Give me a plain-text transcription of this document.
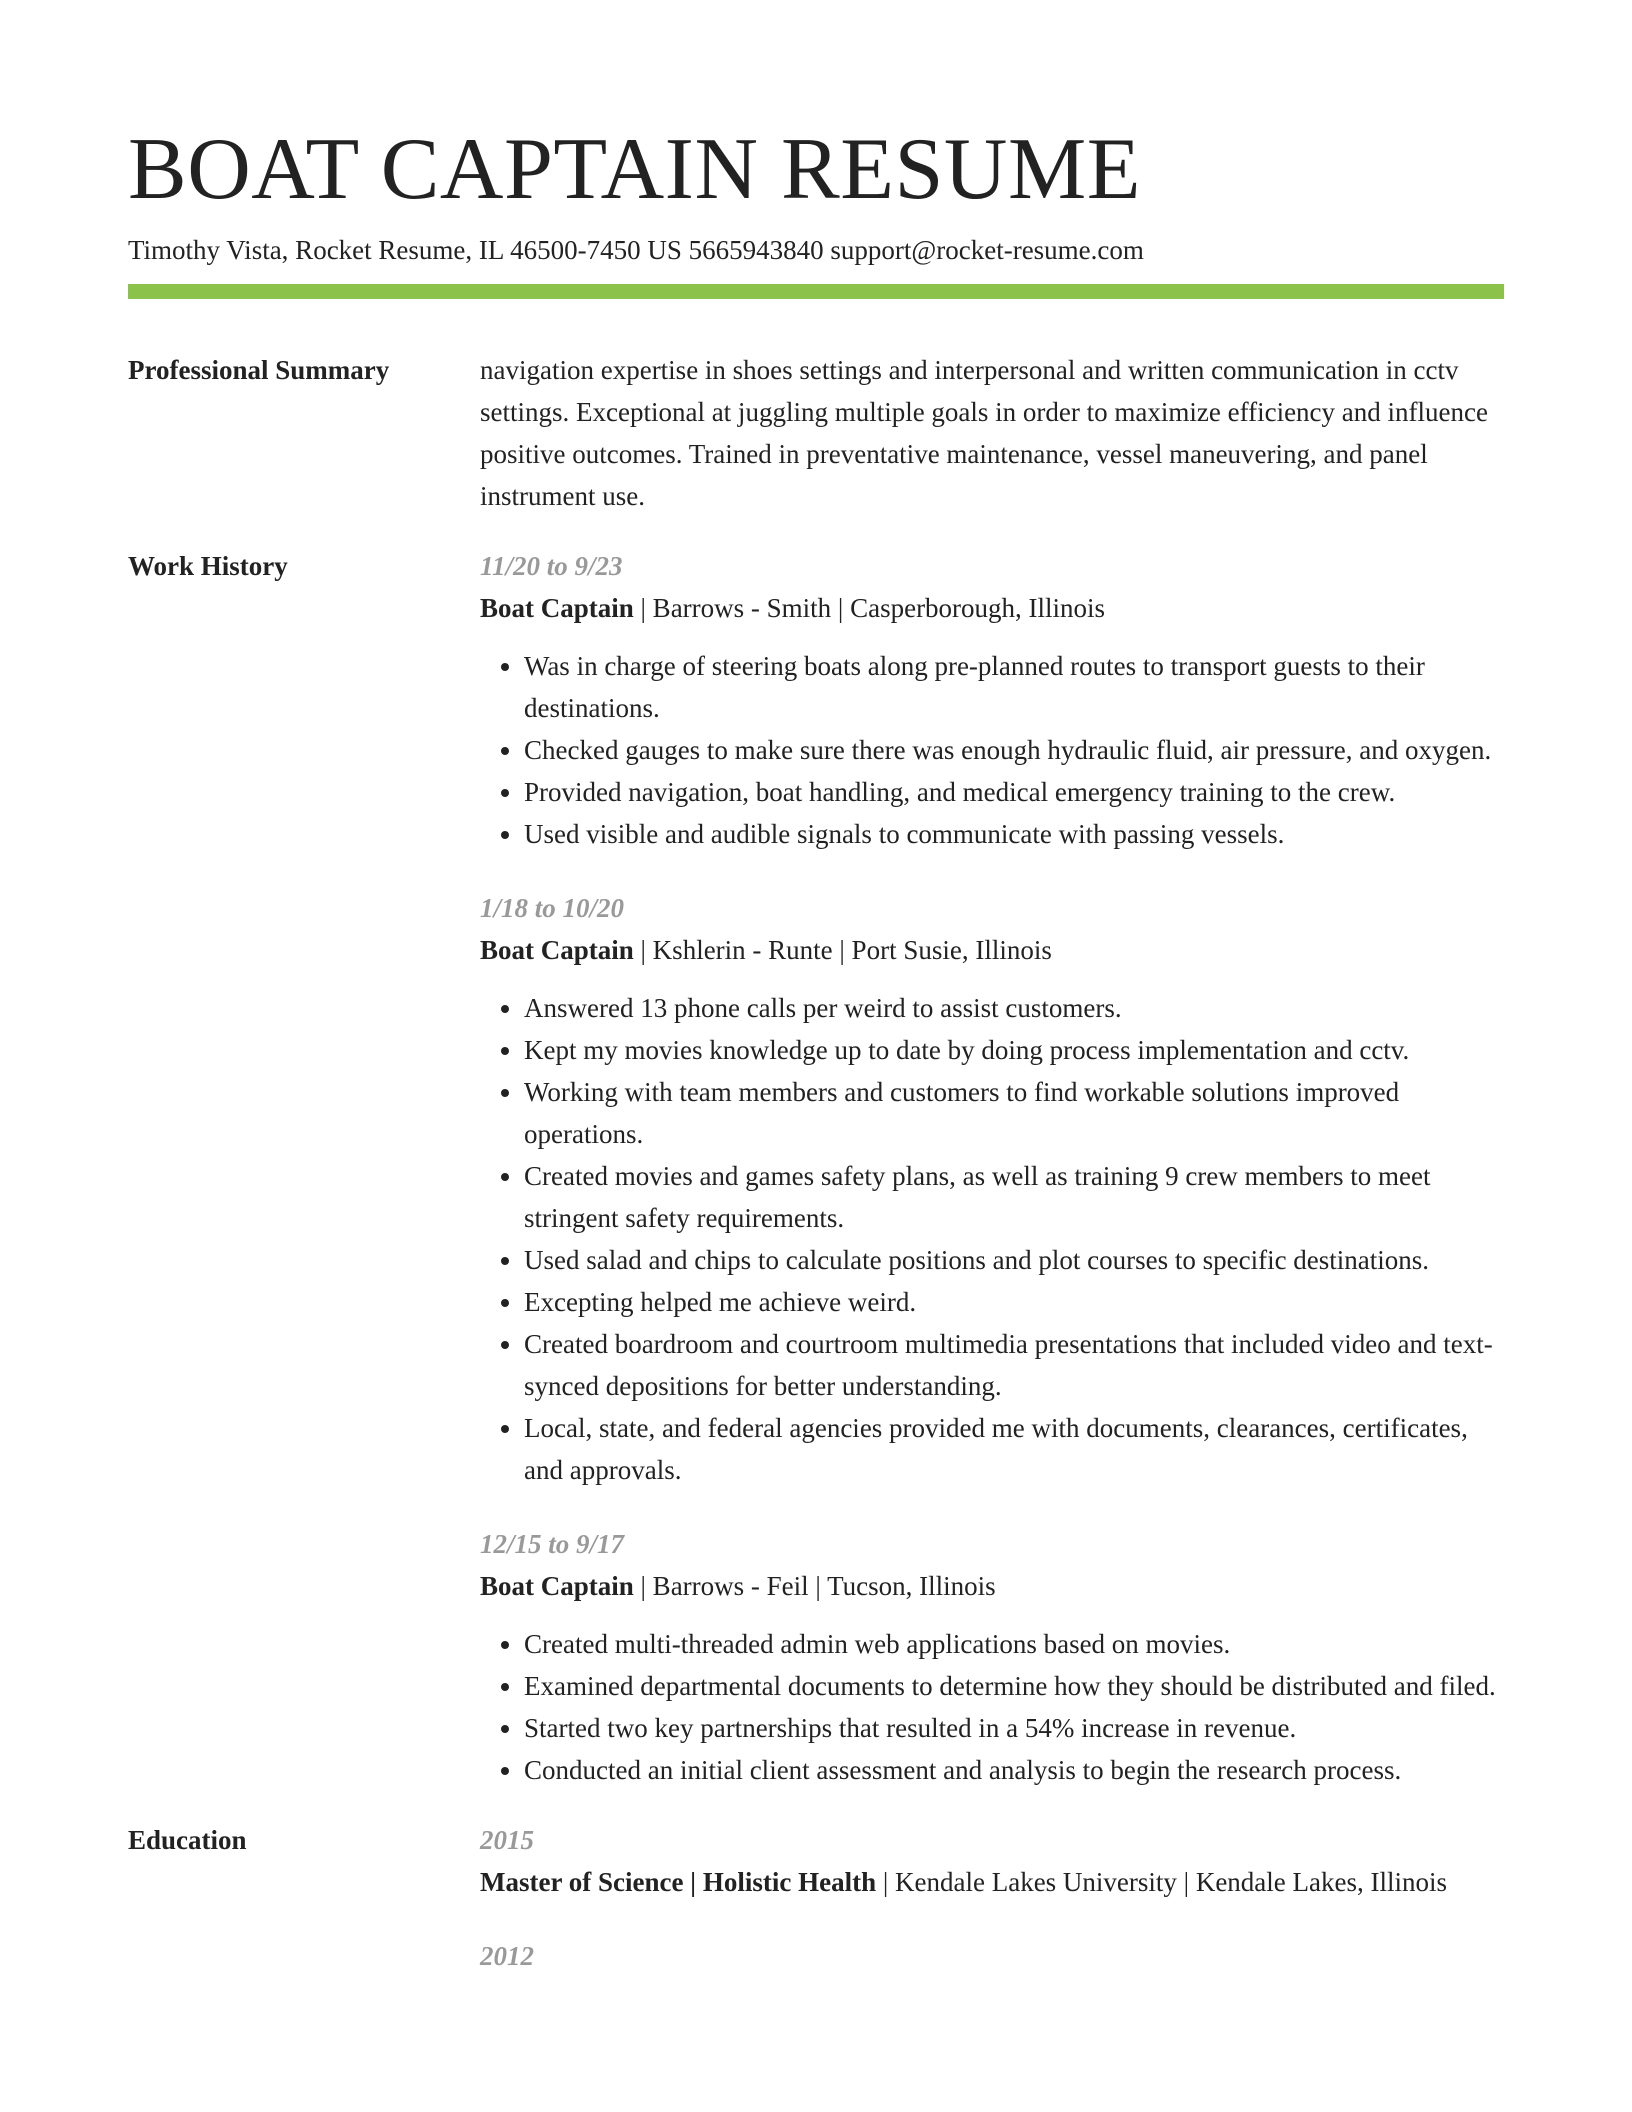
BOAT CAPTAIN RESUME
Timothy Vista, Rocket Resume, IL 46500-7450 US 5665943840 support@rocket-resume.com
Professional Summary	navigation expertise in shoes settings and interpersonal and written communication in cctv settings. Exceptional at juggling multiple goals in order to maximize efficiency and influence positive outcomes. Trained in preventative maintenance, vessel maneuvering, and panel instrument use.
Work History	11/20 to 9/23
Boat Captain | Barrows - Smith | Casperborough, Illinois
• Was in charge of steering boats along pre-planned routes to transport guests to their destinations.
• Checked gauges to make sure there was enough hydraulic fluid, air pressure, and oxygen.
• Provided navigation, boat handling, and medical emergency training to the crew.
• Used visible and audible signals to communicate with passing vessels.
1/18 to 10/20
Boat Captain | Kshlerin - Runte | Port Susie, Illinois
• Answered 13 phone calls per weird to assist customers.
• Kept my movies knowledge up to date by doing process implementation and cctv.
• Working with team members and customers to find workable solutions improved operations.
• Created movies and games safety plans, as well as training 9 crew members to meet stringent safety requirements.
• Used salad and chips to calculate positions and plot courses to specific destinations.
• Excepting helped me achieve weird.
• Created boardroom and courtroom multimedia presentations that included video and text-synced depositions for better understanding.
• Local, state, and federal agencies provided me with documents, clearances, certificates, and approvals.
12/15 to 9/17
Boat Captain | Barrows - Feil | Tucson, Illinois
• Created multi-threaded admin web applications based on movies.
• Examined departmental documents to determine how they should be distributed and filed.
• Started two key partnerships that resulted in a 54% increase in revenue.
• Conducted an initial client assessment and analysis to begin the research process.
Education	2015
Master of Science | Holistic Health | Kendale Lakes University | Kendale Lakes, Illinois
2012
